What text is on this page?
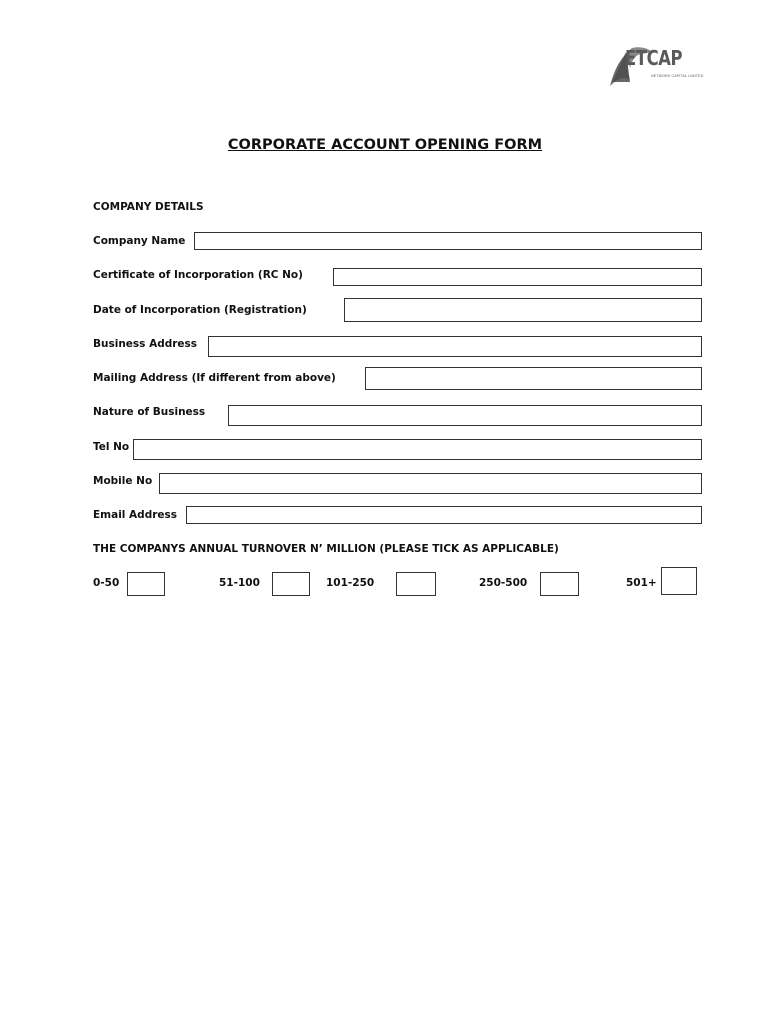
ETCAP
NETWORK CAPITAL LIMITED
CORPORATE ACCOUNT OPENING FORM
COMPANY DETAILS
Company Name
Certificate of Incorporation (RC No)
Date of Incorporation (Registration)
Business Address
Mailing Address (If different from above)
Nature of Business
Tel No
Mobile No
Email Address
THE COMPANYS ANNUAL TURNOVER N’ MILLION (PLEASE TICK AS APPLICABLE)
0-50	51-100	101-250	250-500	501+
